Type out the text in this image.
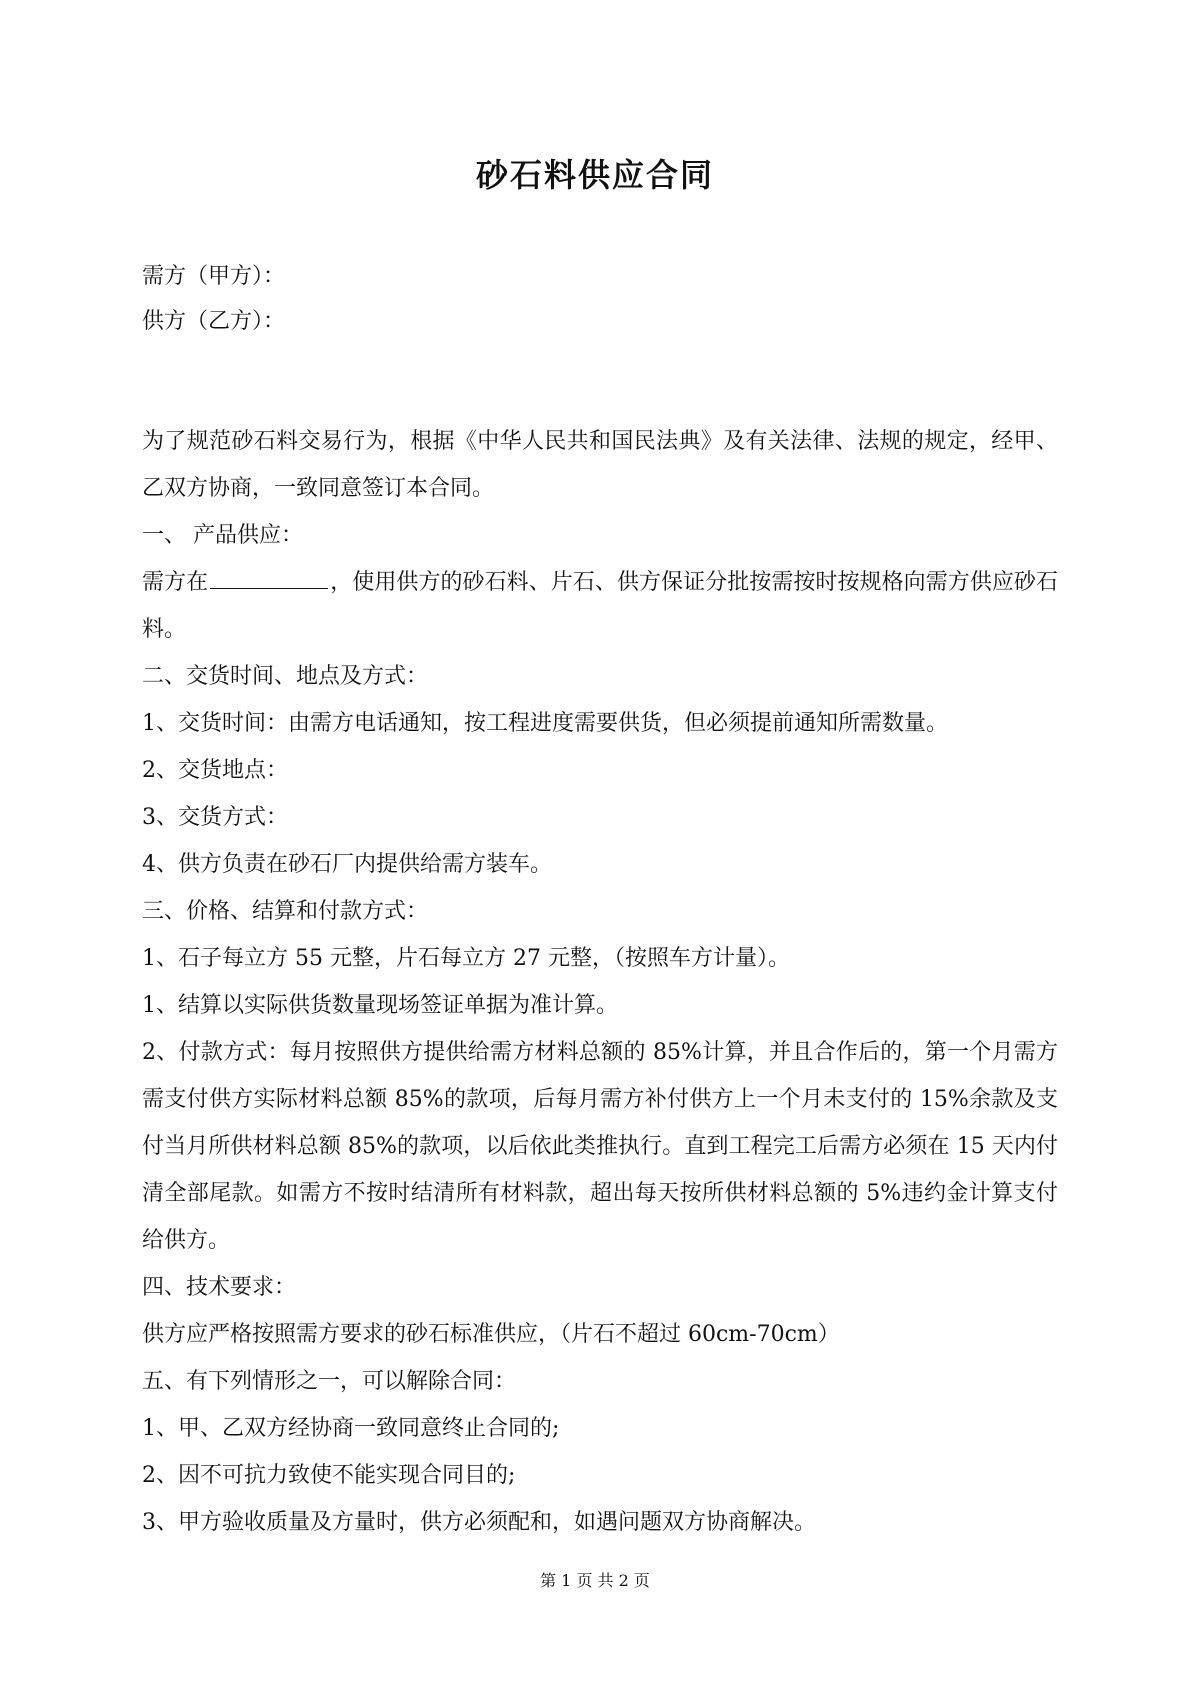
砂石料供应合同

需方（甲方）：

供方（乙方）：

为了规范砂石料交易行为，根据《中华人民共和国民法典》及有关法律、法规的规定，经甲、乙双方协商，一致同意签订本合同。

一、 产品供应：

需方在	，使用供方的砂石料、片石、供方保证分批按需按时按规格向需方供应砂石料。

二、交货时间、地点及方式：

1、交货时间：由需方电话通知，按工程进度需要供货，但必须提前通知所需数量。

2、交货地点：

3、交货方式：

4、供方负责在砂石厂内提供给需方装车。

三、价格、结算和付款方式：

1、石子每立方 55 元整，片石每立方 27 元整，（按照车方计量）。

1、结算以实际供货数量现场签证单据为准计算。

2、付款方式：每月按照供方提供给需方材料总额的 85%计算，并且合作后的，第一个月需方需支付供方实际材料总额 85%的款项，后每月需方补付供方上一个月未支付的 15%余款及支付当月所供材料总额 85%的款项，以后依此类推执行。直到工程完工后需方必须在 15 天内付清全部尾款。如需方不按时结清所有材料款，超出每天按所供材料总额的 5%违约金计算支付给供方。

四、技术要求：

供方应严格按照需方要求的砂石标准供应，（片石不超过 60cm-70cm）

五、有下列情形之一，可以解除合同：

1、甲、乙双方经协商一致同意终止合同的;

2、因不可抗力致使不能实现合同目的;

3、甲方验收质量及方量时，供方必须配和，如遇问题双方协商解决。

第 1 页 共 2 页
